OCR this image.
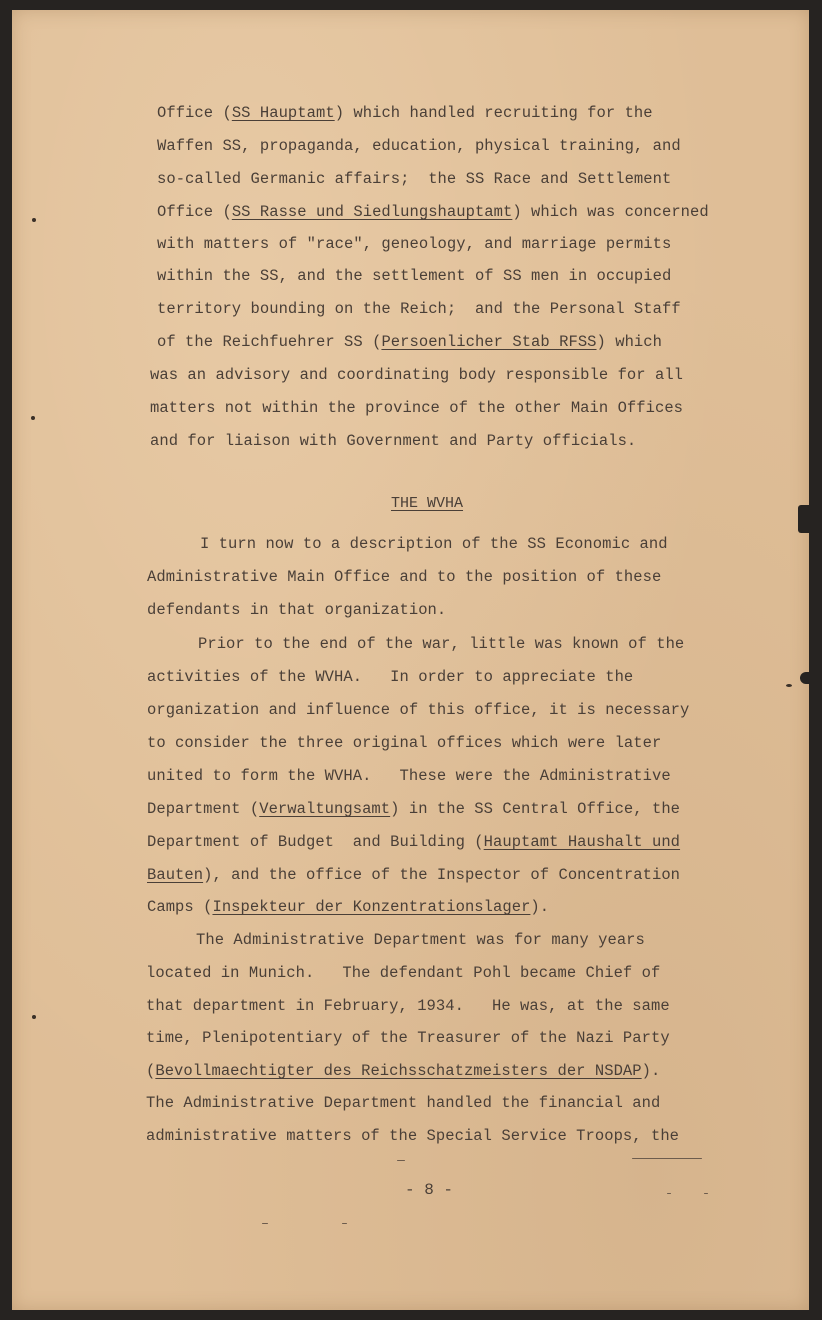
Office (SS Hauptamt) which handled recruiting for the

Waffen SS, propaganda, education, physical training, and

so-called Germanic affairs;  the SS Race and Settlement

Office (SS Rasse und Siedlungshauptamt) which was concerned

with matters of "race", geneology, and marriage permits

within the SS, and the settlement of SS men in occupied

territory bounding on the Reich;  and the Personal Staff

of the Reichfuehrer SS (Persoenlicher Stab RFSS) which

was an advisory and coordinating body responsible for all

matters not within the province of the other Main Offices

and for liaison with Government and Party officials.

I turn now to a description of the SS Economic and

Administrative Main Office and to the position of these

defendants in that organization.

Prior to the end of the war, little was known of the

activities of the WVHA.   In order to appreciate the

organization and influence of this office, it is necessary

to consider the three original offices which were later

united to form the WVHA.   These were the Administrative

Department (Verwaltungsamt) in the SS Central Office, the

Department of Budget  and Building (Hauptamt Haushalt und

Bauten), and the office of the Inspector of Concentration

Camps (Inspekteur der Konzentrationslager).

The Administrative Department was for many years

located in Munich.   The defendant Pohl became Chief of

that department in February, 1934.   He was, at the same

time, Plenipotentiary of the Treasurer of the Nazi Party

(Bevollmaechtigter des Reichsschatzmeisters der NSDAP).

The Administrative Department handled the financial and

administrative matters of the Special Service Troops, the

THE WVHA

- 8 -
